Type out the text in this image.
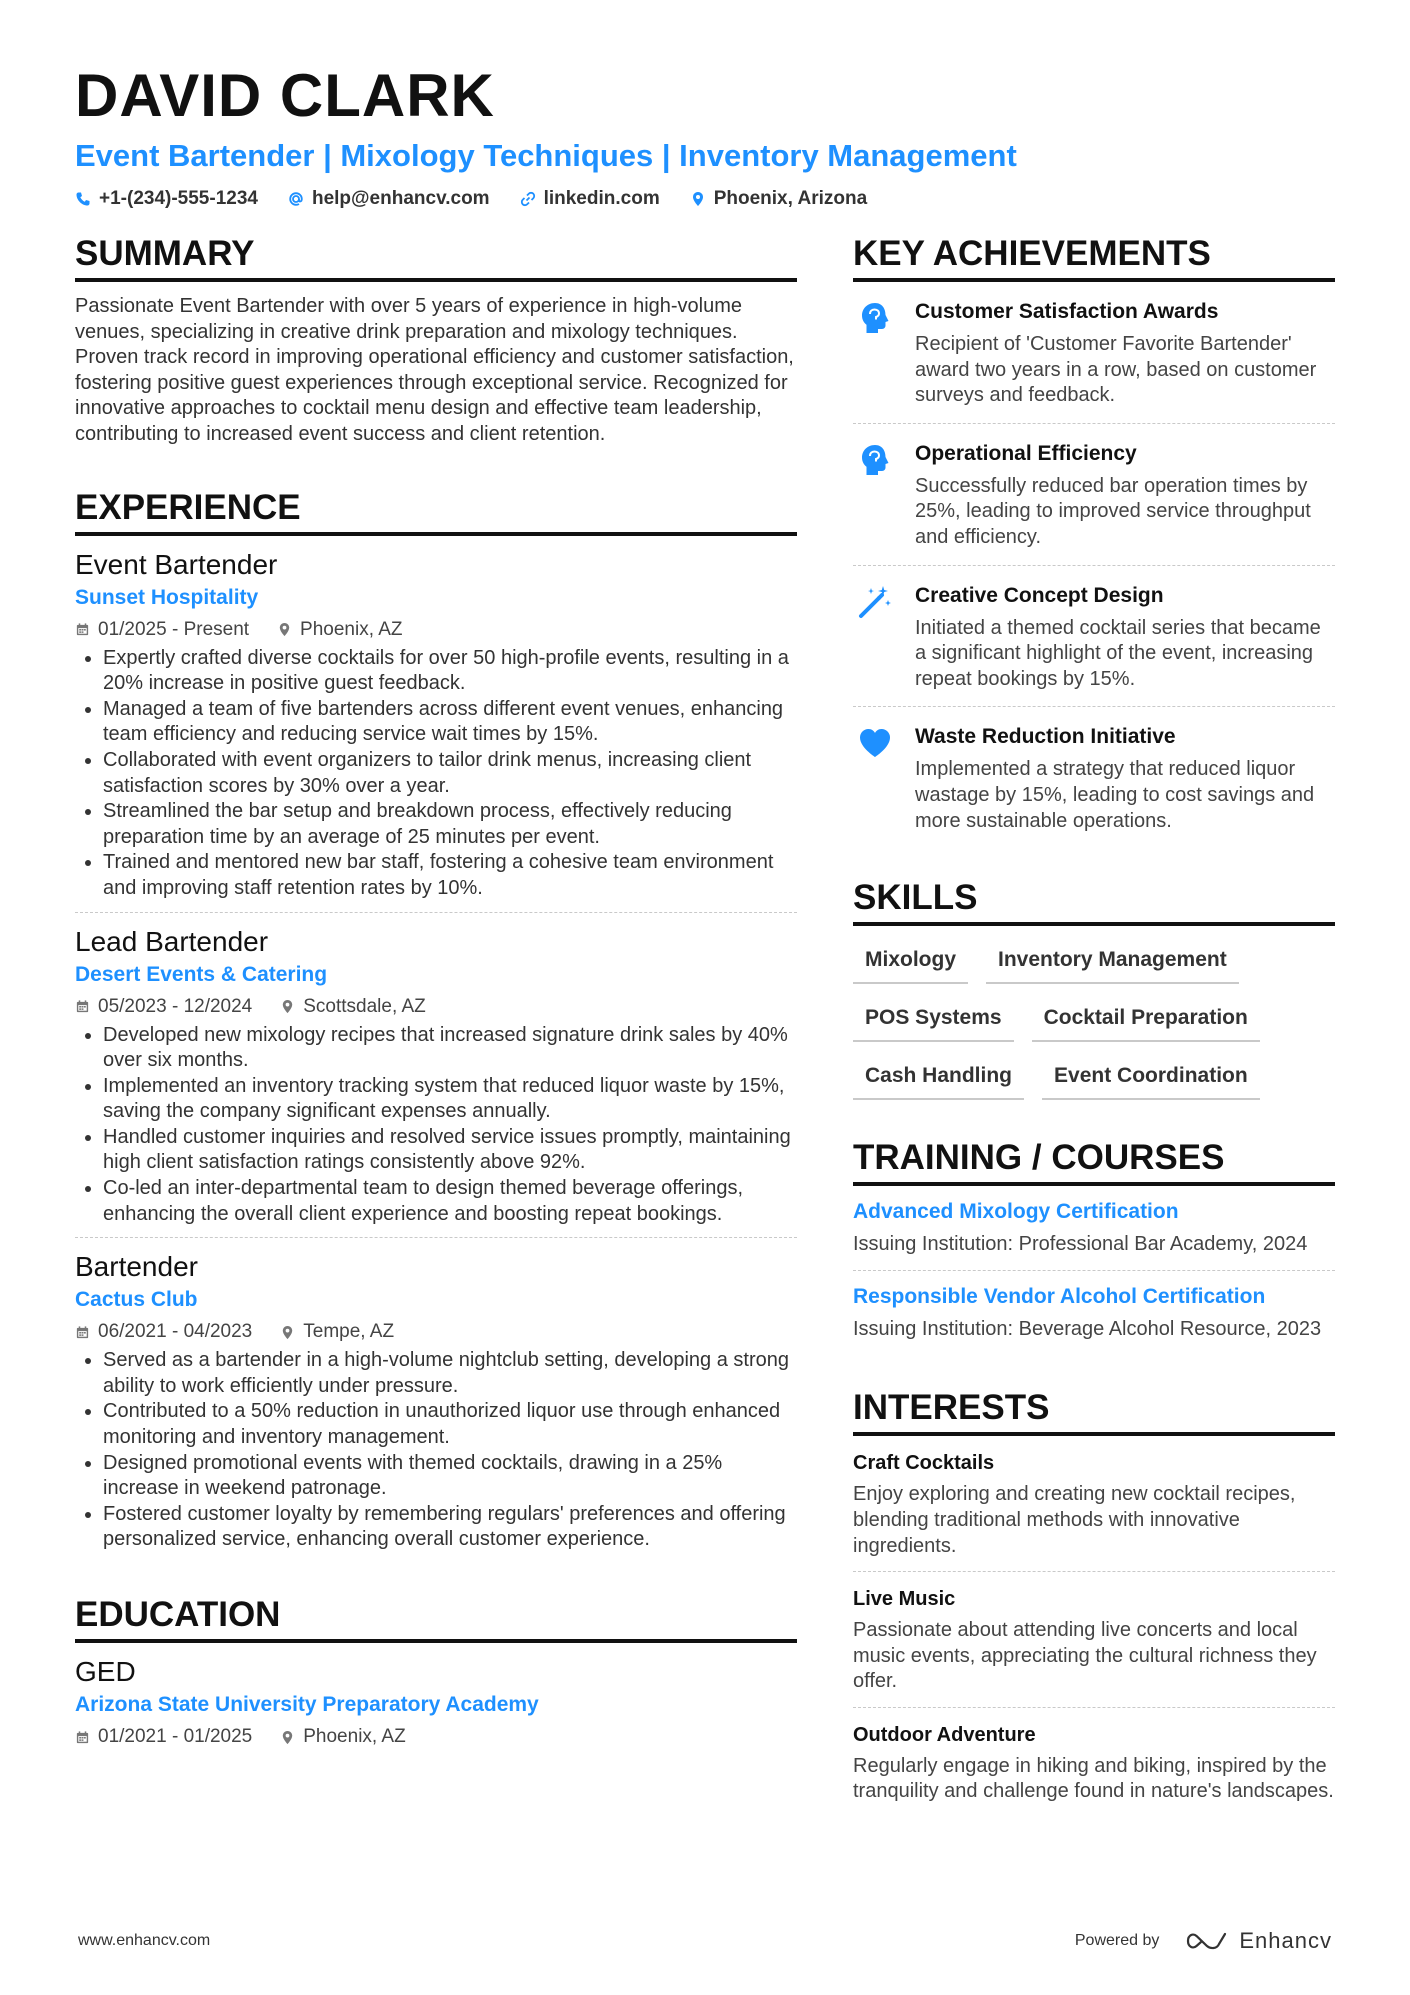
DAVID CLARK
Event Bartender | Mixology Techniques | Inventory Management
+1-(234)-555-1234	help@enhancv.com	linkedin.com	Phoenix, Arizona
SUMMARY
Passionate Event Bartender with over 5 years of experience in high-volume venues, specializing in creative drink preparation and mixology techniques. Proven track record in improving operational efficiency and customer satisfaction, fostering positive guest experiences through exceptional service. Recognized for innovative approaches to cocktail menu design and effective team leadership, contributing to increased event success and client retention.
EXPERIENCE
Event Bartender
Sunset Hospitality
01/2025 - Present	Phoenix, AZ
• Expertly crafted diverse cocktails for over 50 high-profile events, resulting in a 20% increase in positive guest feedback.
• Managed a team of five bartenders across different event venues, enhancing team efficiency and reducing service wait times by 15%.
• Collaborated with event organizers to tailor drink menus, increasing client satisfaction scores by 30% over a year.
• Streamlined the bar setup and breakdown process, effectively reducing preparation time by an average of 25 minutes per event.
• Trained and mentored new bar staff, fostering a cohesive team environment and improving staff retention rates by 10%.
Lead Bartender
Desert Events & Catering
05/2023 - 12/2024	Scottsdale, AZ
• Developed new mixology recipes that increased signature drink sales by 40% over six months.
• Implemented an inventory tracking system that reduced liquor waste by 15%, saving the company significant expenses annually.
• Handled customer inquiries and resolved service issues promptly, maintaining high client satisfaction ratings consistently above 92%.
• Co-led an inter-departmental team to design themed beverage offerings, enhancing the overall client experience and boosting repeat bookings.
Bartender
Cactus Club
06/2021 - 04/2023	Tempe, AZ
• Served as a bartender in a high-volume nightclub setting, developing a strong ability to work efficiently under pressure.
• Contributed to a 50% reduction in unauthorized liquor use through enhanced monitoring and inventory management.
• Designed promotional events with themed cocktails, drawing in a 25% increase in weekend patronage.
• Fostered customer loyalty by remembering regulars' preferences and offering personalized service, enhancing overall customer experience.
EDUCATION
GED
Arizona State University Preparatory Academy
01/2021 - 01/2025	Phoenix, AZ
KEY ACHIEVEMENTS
Customer Satisfaction Awards
Recipient of 'Customer Favorite Bartender' award two years in a row, based on customer surveys and feedback.
Operational Efficiency
Successfully reduced bar operation times by 25%, leading to improved service throughput and efficiency.
Creative Concept Design
Initiated a themed cocktail series that became a significant highlight of the event, increasing repeat bookings by 15%.
Waste Reduction Initiative
Implemented a strategy that reduced liquor wastage by 15%, leading to cost savings and more sustainable operations.
SKILLS
Mixology	Inventory Management
POS Systems	Cocktail Preparation
Cash Handling	Event Coordination
TRAINING / COURSES
Advanced Mixology Certification
Issuing Institution: Professional Bar Academy, 2024
Responsible Vendor Alcohol Certification
Issuing Institution: Beverage Alcohol Resource, 2023
INTERESTS
Craft Cocktails
Enjoy exploring and creating new cocktail recipes, blending traditional methods with innovative ingredients.
Live Music
Passionate about attending live concerts and local music events, appreciating the cultural richness they offer.
Outdoor Adventure
Regularly engage in hiking and biking, inspired by the tranquility and challenge found in nature's landscapes.
www.enhancv.com	Powered by	Enhancv
